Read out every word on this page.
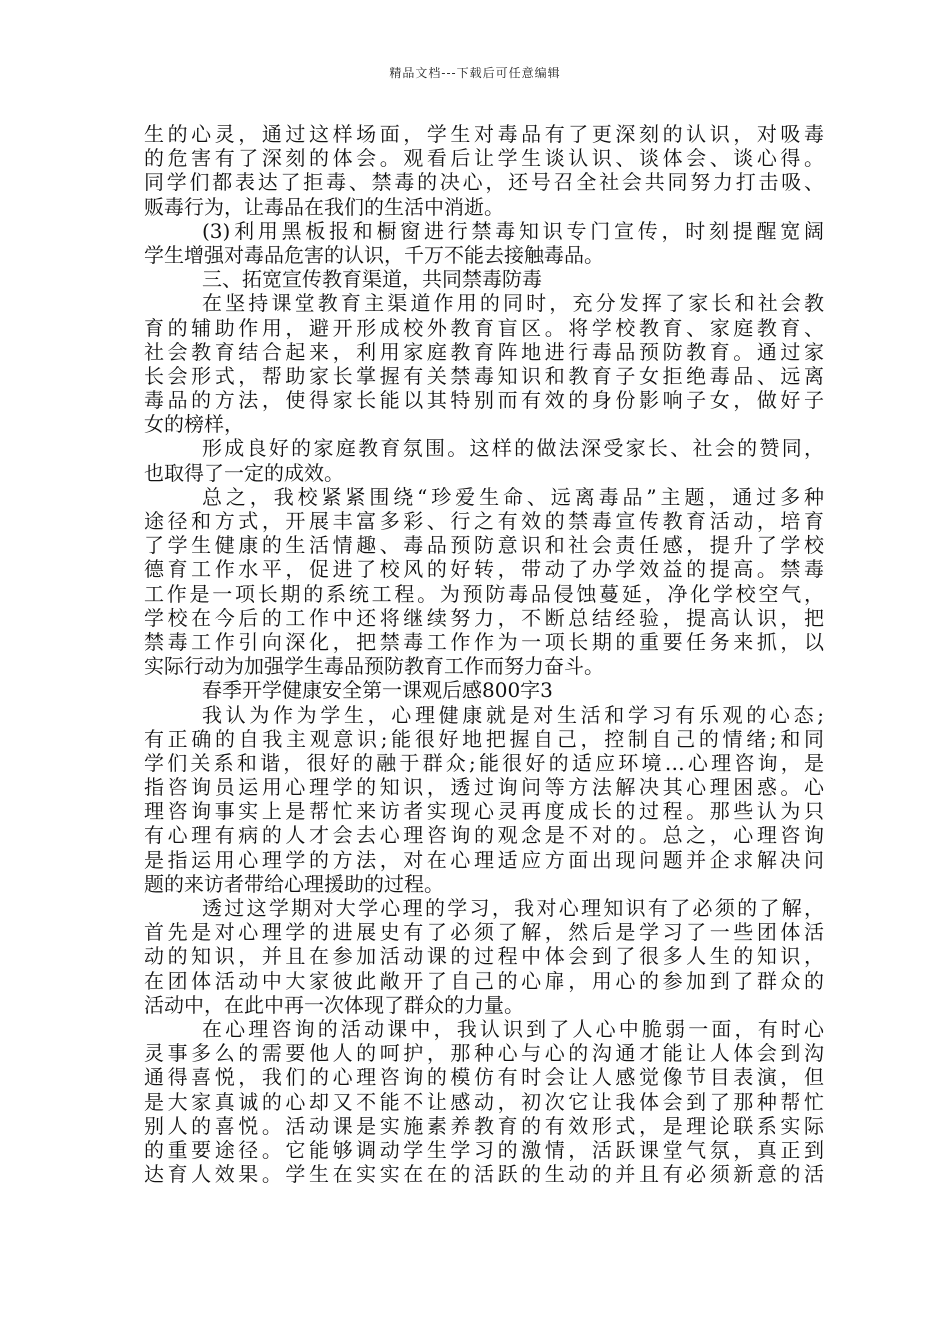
精品文档---下载后可任意编辑
生的心灵，通过这样场面，学生对毒品有了更深刻的认识，对吸毒
的危害有了深刻的体会。观看后让学生谈认识、谈体会、谈心得。
同学们都表达了拒毒、禁毒的决心，还号召全社会共同努力打击吸、
贩毒行为，让毒品在我们的生活中消逝。
(3)利用黑板报和橱窗进行禁毒知识专门宣传，时刻提醒宽阔
学生增强对毒品危害的认识，千万不能去接触毒品。
三、拓宽宣传教育渠道，共同禁毒防毒
在坚持课堂教育主渠道作用的同时，充分发挥了家长和社会教
育的辅助作用，避开形成校外教育盲区。将学校教育、家庭教育、
社会教育结合起来，利用家庭教育阵地进行毒品预防教育。通过家
长会形式，帮助家长掌握有关禁毒知识和教育子女拒绝毒品、远离
毒品的方法，使得家长能以其特别而有效的身份影响子女，做好子
女的榜样，
形成良好的家庭教育氛围。这样的做法深受家长、社会的赞同，
也取得了一定的成效。
总之，我校紧紧围绕“珍爱生命、远离毒品”主题，通过多种
途径和方式，开展丰富多彩、行之有效的禁毒宣传教育活动，培育
了学生健康的生活情趣、毒品预防意识和社会责任感，提升了学校
德育工作水平，促进了校风的好转，带动了办学效益的提高。禁毒
工作是一项长期的系统工程。为预防毒品侵蚀蔓延，净化学校空气，
学校在今后的工作中还将继续努力，不断总结经验，提高认识，把
禁毒工作引向深化，把禁毒工作作为一项长期的重要任务来抓，以
实际行动为加强学生毒品预防教育工作而努力奋斗。
春季开学健康安全第一课观后感800字3
我认为作为学生，心理健康就是对生活和学习有乐观的心态;
有正确的自我主观意识;能很好地把握自己，控制自己的情绪;和同
学们关系和谐，很好的融于群众;能很好的适应环境…心理咨询，是
指咨询员运用心理学的知识，透过询问等方法解决其心理困惑。心
理咨询事实上是帮忙来访者实现心灵再度成长的过程。那些认为只
有心理有病的人才会去心理咨询的观念是不对的。总之，心理咨询
是指运用心理学的方法，对在心理适应方面出现问题并企求解决问
题的来访者带给心理援助的过程。
透过这学期对大学心理的学习，我对心理知识有了必须的了解，
首先是对心理学的进展史有了必须了解，然后是学习了一些团体活
动的知识，并且在参加活动课的过程中体会到了很多人生的知识，
在团体活动中大家彼此敞开了自己的心扉，用心的参加到了群众的
活动中，在此中再一次体现了群众的力量。
在心理咨询的活动课中，我认识到了人心中脆弱一面，有时心
灵事多么的需要他人的呵护，那种心与心的沟通才能让人体会到沟
通得喜悦，我们的心理咨询的模仿有时会让人感觉像节目表演，但
是大家真诚的心却又不能不让感动，初次它让我体会到了那种帮忙
别人的喜悦。活动课是实施素养教育的有效形式，是理论联系实际
的重要途径。它能够调动学生学习的激情，活跃课堂气氛，真正到
达育人效果。学生在实实在在的活跃的生动的并且有必须新意的活
